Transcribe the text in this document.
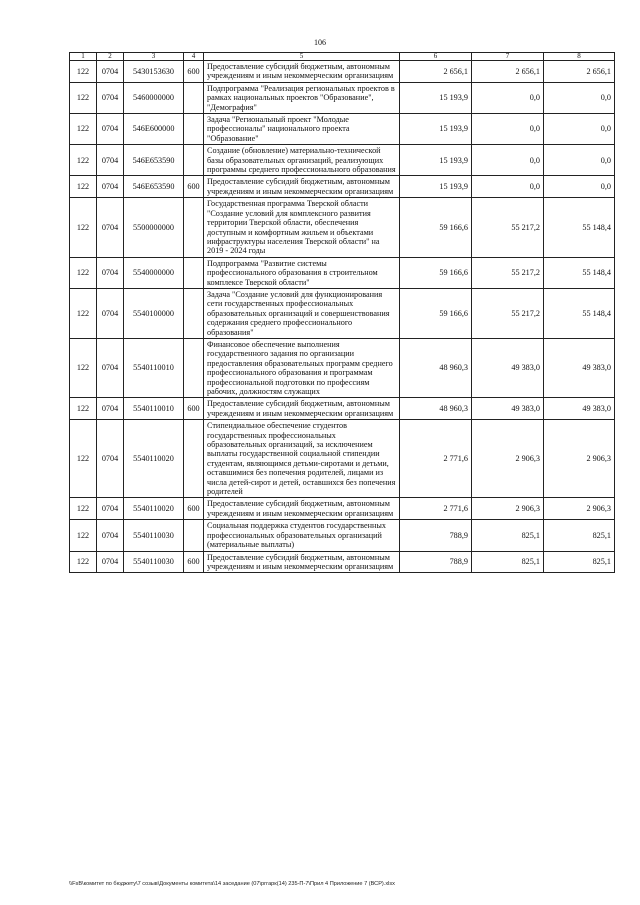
106
1	2	3	4	5	6	7	8
122	0704	5430153630	600	Предоставление субсидий бюджетным, автономным учреждениям и иным некоммерческим организациям	2 656,1	2 656,1	2 656,1
122	0704	5460000000		Подпрограмма "Реализация региональных проектов в рамках национальных проектов "Образование", "Демография"	15 193,9	0,0	0,0
122	0704	546E600000		Задача "Региональный проект "Молодые профессионалы" национального проекта "Образование"	15 193,9	0,0	0,0
122	0704	546E653590		Создание (обновление) материально-технической базы образовательных организаций, реализующих программы среднего профессионального образования	15 193,9	0,0	0,0
122	0704	546E653590	600	Предоставление субсидий бюджетным, автономным учреждениям и иным некоммерческим организациям	15 193,9	0,0	0,0
122	0704	5500000000		Государственная программа Тверской области "Создание условий для комплексного развития территории Тверской области, обеспечения доступным и комфортным жильем и объектами инфраструктуры населения Тверской области" на 2019 - 2024 годы	59 166,6	55 217,2	55 148,4
122	0704	5540000000		Подпрограмма "Развитие системы профессионального образования в строительном комплексе Тверской области"	59 166,6	55 217,2	55 148,4
122	0704	5540100000		Задача "Создание условий для функционирования сети государственных профессиональных образовательных организаций и совершенствования содержания среднего профессионального образования"	59 166,6	55 217,2	55 148,4
122	0704	5540110010		Финансовое обеспечение выполнения государственного задания по организации предоставления образовательных программ среднего профессионального образования и программам профессиональной подготовки по профессиям рабочих, должностям служащих	48 960,3	49 383,0	49 383,0
122	0704	5540110010	600	Предоставление субсидий бюджетным, автономным учреждениям и иным некоммерческим организациям	48 960,3	49 383,0	49 383,0
122	0704	5540110020		Стипендиальное обеспечение студентов государственных профессиональных образовательных организаций, за исключением выплаты государственной социальной стипендии студентам, являющимся детьми-сиротами и детьми, оставшимися без попечения родителей, лицами из числа детей-сирот и детей, оставшихся без попечения родителей	2 771,6	2 906,3	2 906,3
122	0704	5540110020	600	Предоставление субсидий бюджетным, автономным учреждениям и иным некоммерческим организациям	2 771,6	2 906,3	2 906,3
122	0704	5540110030		Социальная поддержка студентов государственных профессиональных образовательных организаций (материальные выплаты)	788,9	825,1	825,1
122	0704	5540110030	600	Предоставление субсидий бюджетным, автономным учреждениям и иным некоммерческим организациям	788,9	825,1	825,1
\\FsB\комитет по бюджету\7 созыв\Документы комитета\14 заседание (07\рггарк(14) 235-П-7\Прил 4 Приложение 7 (ВСР).xlsx
